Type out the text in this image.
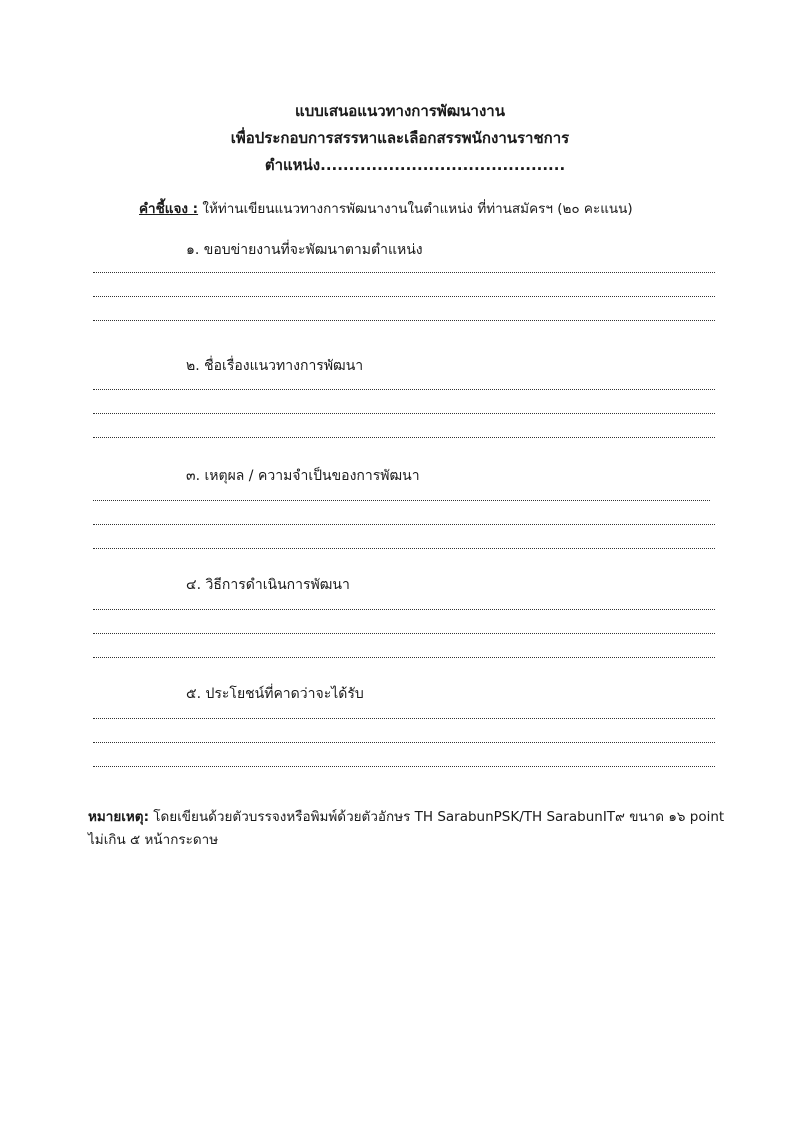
แบบเสนอแนวทางการพัฒนางาน
เพื่อประกอบการสรรหาและเลือกสรรพนักงานราชการ
ตำแหน่ง...........................................
คำชี้แจง : ให้ท่านเขียนแนวทางการพัฒนางานในตำแหน่ง ที่ท่านสมัครฯ (๒๐ คะแนน)
๑. ขอบข่ายงานที่จะพัฒนาตามตำแหน่ง
๒. ชื่อเรื่องแนวทางการพัฒนา
๓. เหตุผล / ความจำเป็นของการพัฒนา
๔. วิธีการดำเนินการพัฒนา
๕. ประโยชน์ที่คาดว่าจะได้รับ
หมายเหตุ: โดยเขียนด้วยตัวบรรจงหรือพิมพ์ด้วยตัวอักษร TH SarabunPSK/TH SarabunIT๙ ขนาด ๑๖ point ไม่เกิน ๕ หน้ากระดาษ
